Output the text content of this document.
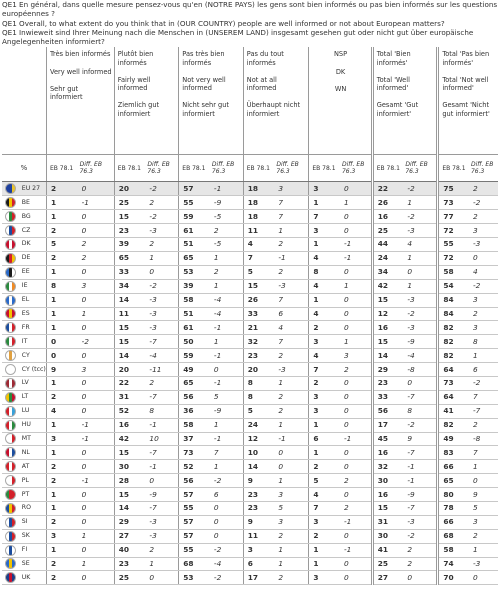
QE1 En général, dans quelle mesure pensez-vous qu'en (NOTRE PAYS) les gens sont bien informés ou pas bien informés sur les questions européennes ?

QE1 Overall, to what extent do you think that in (OUR COUNTRY) people are well informed or not about European matters?

QE1 Inwieweit sind Ihrer Meinung nach die Menschen in (UNSEREM LAND) insgesamt gesehen gut oder nicht gut über europäische Angelegenheiten informiert?

		Très bien informés
Very well informed
Sehr gut informiert		Plutôt bien informés
Fairly well informed
Ziemlich gut informiert		Pas très bien informés
Not very well informed
Nicht sehr gut informiert		Pas du tout informés
Not at all informed
Überhaupt nicht informiert		NSP
DK
WN		Total 'Bien informés'
Total 'Well informed'
Gesamt 'Gut informiert'		Total 'Pas bien informés'
Total 'Not well informed'
Gesamt 'Nicht gut informiert'	

%		EB 78.1	Diff. EB 76.3	EB 78.1	Diff. EB 76.3	EB 78.1	Diff. EB 76.3	EB 78.1	Diff. EB 76.3	EB 78.1	Diff. EB 76.3	EB 78.1	Diff. EB 76.3	EB 78.1	Diff. EB 76.3
	EU 27	2	0	20	-2	57	-1	18	3	3	0	22	-2	75	2
	BE	1	-1	25	2	55	-9	18	7	1	1	26	1	73	-2
	BG	1	0	15	-2	59	-5	18	7	7	0	16	-2	77	2
	CZ	2	0	23	-3	61	2	11	1	3	0	25	-3	72	3
	DK	5	2	39	2	51	-5	4	2	1	-1	44	4	55	-3
	DE	2	2	65	1	65	1	7	-1	4	-1	24	1	72	0
	EE	1	0	33	0	53	2	5	2	8	0	34	0	58	4
	IE	8	3	34	-2	39	1	15	-3	4	1	42	1	54	-2
	EL	1	0	14	-3	58	-4	26	7	1	0	15	-3	84	3
	ES	1	1	11	-3	51	-4	33	6	4	0	12	-2	84	2
	FR	1	0	15	-3	61	-1	21	4	2	0	16	-3	82	3
	IT	0	-2	15	-7	50	1	32	7	3	1	15	-9	82	8
	CY	0	0	14	-4	59	-1	23	2	4	3	14	-4	82	1
	CY (tcc)	9	3	20	-11	49	0	20	-3	7	2	29	-8	64	6
	LV	1	0	22	2	65	-1	8	1	2	0	23	0	73	-2
	LT	2	0	31	-7	56	5	8	2	3	0	33	-7	64	7
	LU	4	0	52	8	36	-9	5	2	3	0	56	8	41	-7
	HU	1	-1	16	-1	58	1	24	1	1	0	17	-2	82	2
	MT	3	-1	42	10	37	-1	12	-1	6	-1	45	9	49	-8
	NL	1	0	15	-7	73	7	10	0	1	0	16	-7	83	7
	AT	2	0	30	-1	52	1	14	0	2	0	32	-1	66	1
	PL	2	-1	28	0	56	-2	9	1	5	2	30	-1	65	0
	PT	1	0	15	-9	57	6	23	3	4	0	16	-9	80	9
	RO	1	0	14	-7	55	0	23	5	7	2	15	-7	78	5
	SI	2	0	29	-3	57	0	9	3	3	-1	31	-3	66	3
	SK	3	1	27	-3	57	0	11	2	2	0	30	-2	68	2
	FI	1	0	40	2	55	-2	3	1	1	-1	41	2	58	1
	SE	2	1	23	1	68	-4	6	1	1	0	25	2	74	-3
	UK	2	0	25	0	53	-2	17	2	3	0	27	0	70	0
